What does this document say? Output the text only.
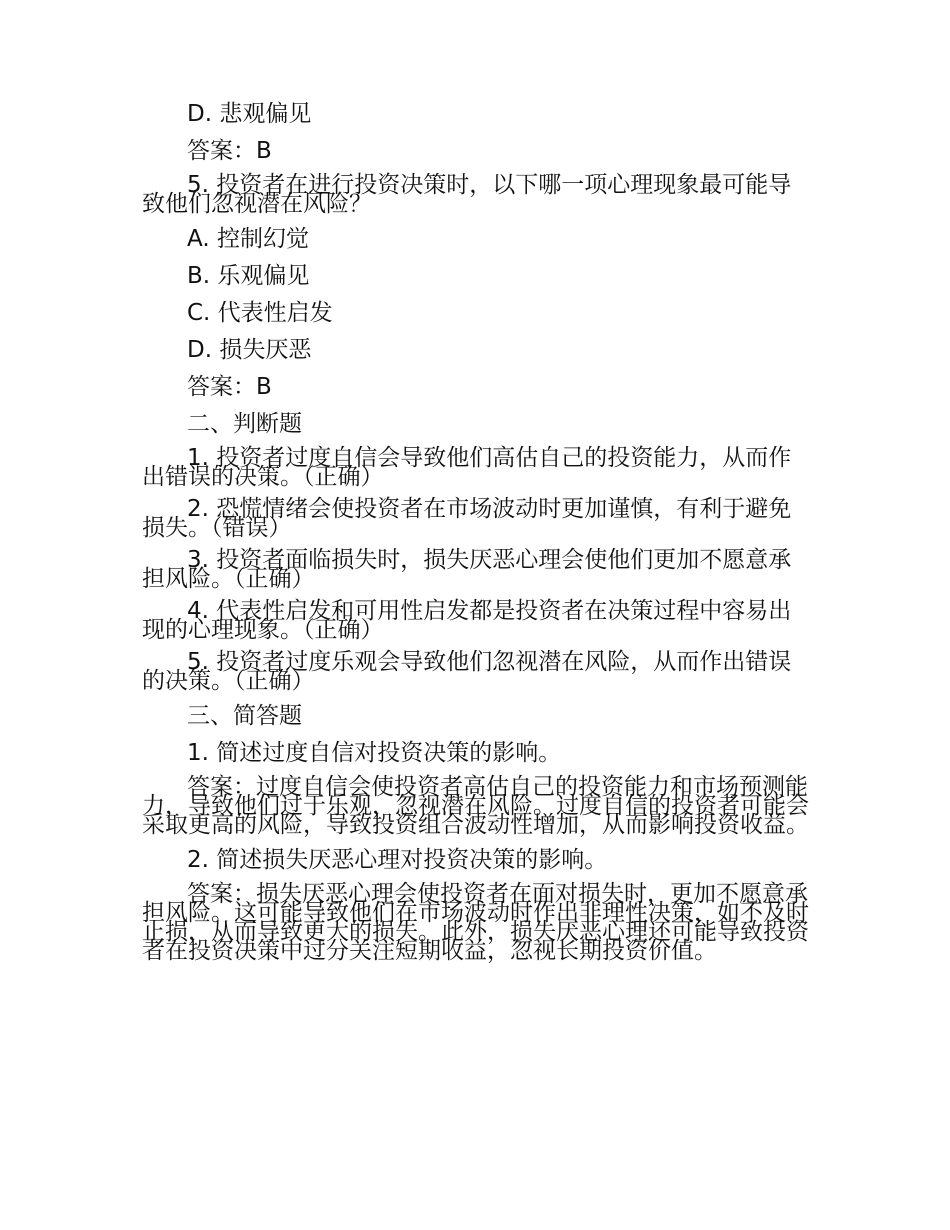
D. 悲观偏见

答案：B

5. 投资者在进行投资决策时，以下哪一项心理现象最可能导致他们忽视潜在风险？

A. 控制幻觉

B. 乐观偏见

C. 代表性启发

D. 损失厌恶

答案：B

二、判断题

1. 投资者过度自信会导致他们高估自己的投资能力，从而作出错误的决策。（正确）

2. 恐慌情绪会使投资者在市场波动时更加谨慎，有利于避免损失。（错误）

3. 投资者面临损失时，损失厌恶心理会使他们更加不愿意承担风险。（正确）

4. 代表性启发和可用性启发都是投资者在决策过程中容易出现的心理现象。（正确）

5. 投资者过度乐观会导致他们忽视潜在风险，从而作出错误的决策。（正确）

三、简答题

1. 简述过度自信对投资决策的影响。

答案：过度自信会使投资者高估自己的投资能力和市场预测能力，导致他们过于乐观，忽视潜在风险。过度自信的投资者可能会采取更高的风险，导致投资组合波动性增加，从而影响投资收益。

2. 简述损失厌恶心理对投资决策的影响。

答案：损失厌恶心理会使投资者在面对损失时，更加不愿意承担风险。这可能导致他们在市场波动时作出非理性决策，如不及时止损，从而导致更大的损失。此外，损失厌恶心理还可能导致投资者在投资决策中过分关注短期收益，忽视长期投资价值。
